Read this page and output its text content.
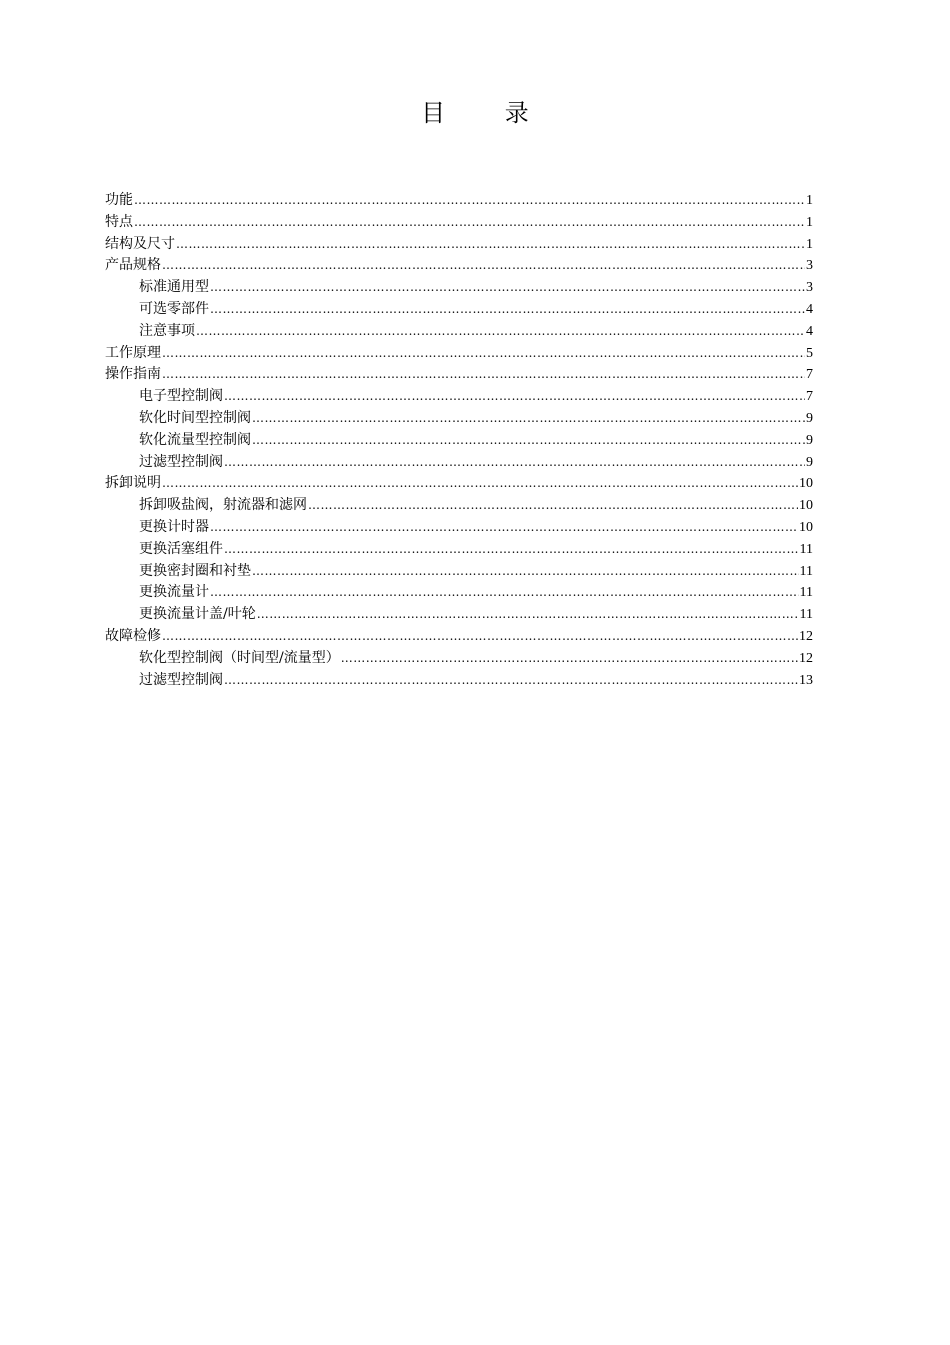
目 录
功能 ………………………………………………………………………………………………………………………………………………………………………………………………………………………………	1
特点 ………………………………………………………………………………………………………………………………………………………………………………………………………………………………	1
结构及尺寸 ………………………………………………………………………………………………………………………………………………………………………………………………………………………………	1
产品规格 ………………………………………………………………………………………………………………………………………………………………………………………………………………………………	3
标准通用型 ………………………………………………………………………………………………………………………………………………………………………………………………………………………………	3
可选零部件 ………………………………………………………………………………………………………………………………………………………………………………………………………………………………	4
注意事项 ………………………………………………………………………………………………………………………………………………………………………………………………………………………………	4
工作原理 ………………………………………………………………………………………………………………………………………………………………………………………………………………………………	5
操作指南 ………………………………………………………………………………………………………………………………………………………………………………………………………………………………	7
电子型控制阀 ………………………………………………………………………………………………………………………………………………………………………………………………………………………………	7
软化时间型控制阀 ………………………………………………………………………………………………………………………………………………………………………………………………………………………………	9
软化流量型控制阀 ………………………………………………………………………………………………………………………………………………………………………………………………………………………………	9
过滤型控制阀 ………………………………………………………………………………………………………………………………………………………………………………………………………………………………	9
拆卸说明 ………………………………………………………………………………………………………………………………………………………………………………………………………………………………	10
拆卸吸盐阀，射流器和滤网 ………………………………………………………………………………………………………………………………………………………………………………………………………………………………	10
更换计时器 ………………………………………………………………………………………………………………………………………………………………………………………………………………………………	10
更换活塞组件 ………………………………………………………………………………………………………………………………………………………………………………………………………………………………	11
更换密封圈和衬垫 ………………………………………………………………………………………………………………………………………………………………………………………………………………………………	11
更换流量计 ………………………………………………………………………………………………………………………………………………………………………………………………………………………………	11
更换流量计盖/叶轮 ………………………………………………………………………………………………………………………………………………………………………………………………………………………………	11
故障检修 ………………………………………………………………………………………………………………………………………………………………………………………………………………………………	12
软化型控制阀（时间型/流量型） ………………………………………………………………………………………………………………………………………………………………………………………………………………………………	12
过滤型控制阀 ………………………………………………………………………………………………………………………………………………………………………………………………………………………………	13
